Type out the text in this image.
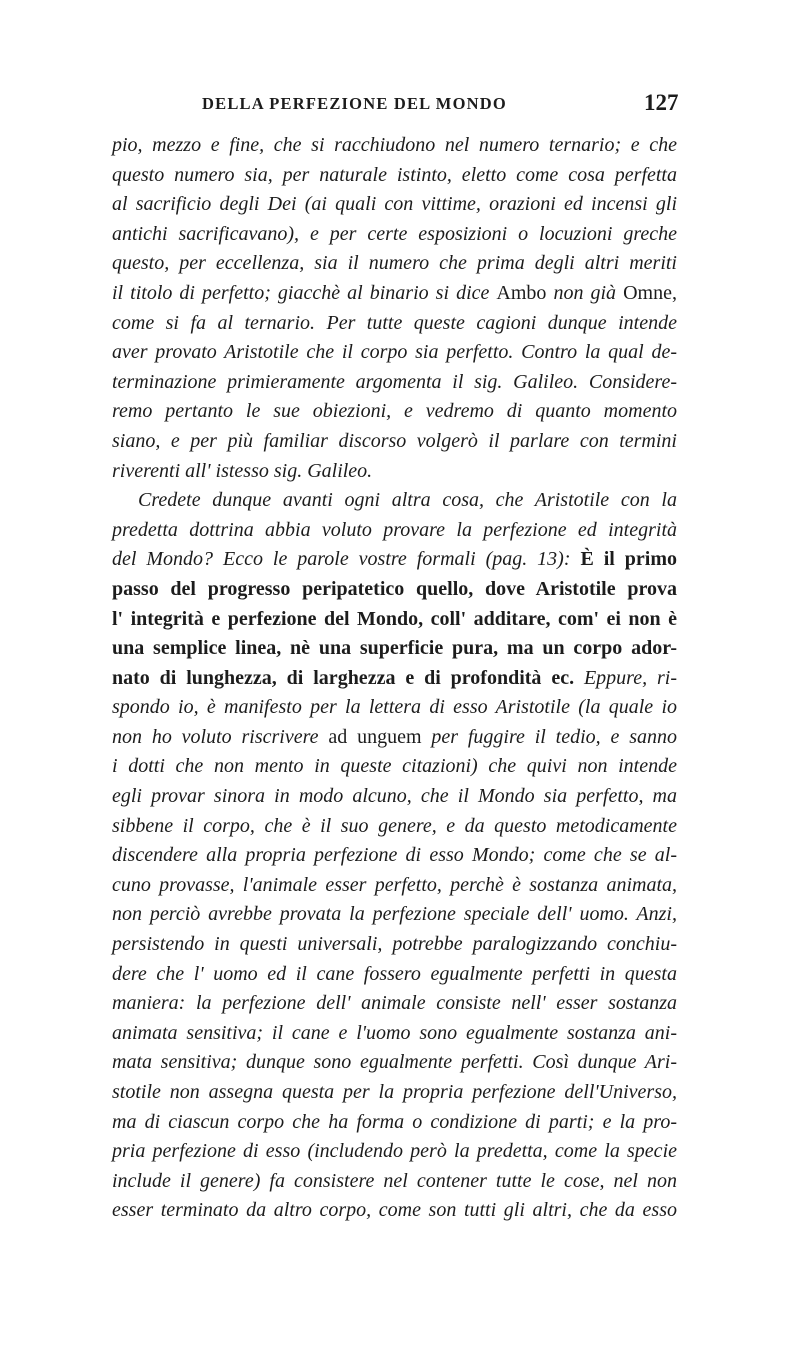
DELLA PERFEZIONE DEL MONDO	127
pio, mezzo e fine, che si racchiudono nel numero ternario; e che
questo numero sia, per naturale istinto, eletto come cosa perfetta
al sacrificio degli Dei (ai quali con vittime, orazioni ed incensi gli
antichi sacrificavano), e per certe esposizioni o locuzioni greche
questo, per eccellenza, sia il numero che prima degli altri meriti
il titolo di perfetto; giacchè al binario si dice Ambo non già Omne,
come si fa al ternario. Per tutte queste cagioni dunque intende
aver provato Aristotile che il corpo sia perfetto. Contro la qual de-
terminazione primieramente argomenta il sig. Galileo. Considere-
remo pertanto le sue obiezioni, e vedremo di quanto momento
siano, e per più familiar discorso volgerò il parlare con termini
riverenti all' istesso sig. Galileo.
Credete dunque avanti ogni altra cosa, che Aristotile con la
predetta dottrina abbia voluto provare la perfezione ed integrità
del Mondo? Ecco le parole vostre formali (pag. 13): È il primo
passo del progresso peripatetico quello, dove Aristotile prova
l' integrità e perfezione del Mondo, coll' additare, com' ei non è
una semplice linea, nè una superficie pura, ma un corpo ador-
nato di lunghezza, di larghezza e di profondità ec. Eppure, ri-
spondo io, è manifesto per la lettera di esso Aristotile (la quale io
non ho voluto riscrivere ad unguem per fuggire il tedio, e sanno
i dotti che non mento in queste citazioni) che quivi non intende
egli provar sinora in modo alcuno, che il Mondo sia perfetto, ma
sibbene il corpo, che è il suo genere, e da questo metodicamente
discendere alla propria perfezione di esso Mondo; come che se al-
cuno provasse, l'animale esser perfetto, perchè è sostanza animata,
non perciò avrebbe provata la perfezione speciale dell' uomo. Anzi,
persistendo in questi universali, potrebbe paralogizzando conchiu-
dere che l' uomo ed il cane fossero egualmente perfetti in questa
maniera: la perfezione dell' animale consiste nell' esser sostanza
animata sensitiva; il cane e l'uomo sono egualmente sostanza ani-
mata sensitiva; dunque sono egualmente perfetti. Così dunque Ari-
stotile non assegna questa per la propria perfezione dell'Universo,
ma di ciascun corpo che ha forma o condizione di parti; e la pro-
pria perfezione di esso (includendo però la predetta, come la specie
include il genere) fa consistere nel contener tutte le cose, nel non
esser terminato da altro corpo, come son tutti gli altri, che da esso
